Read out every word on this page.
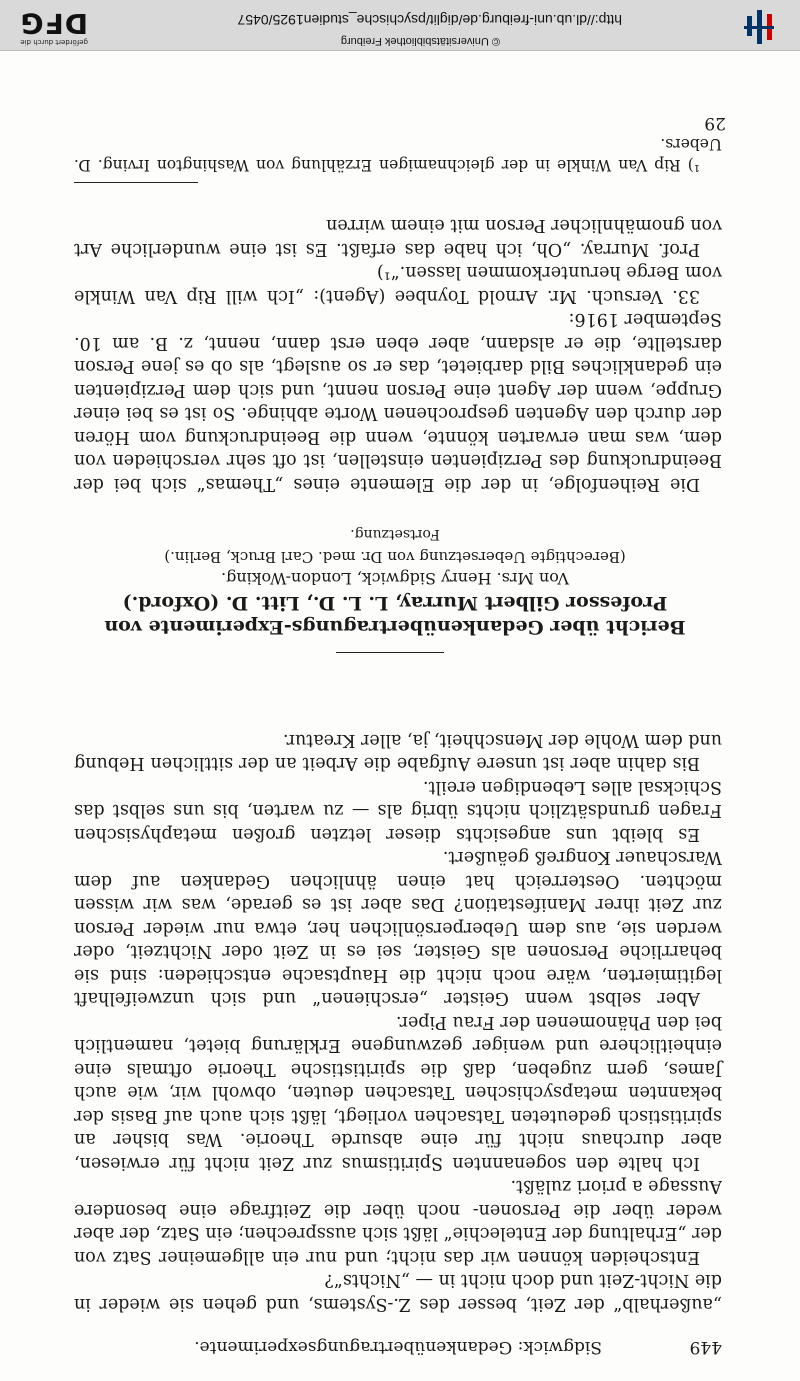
449
Sidgwick: Gedankenübertragungsexperimente.

„außerhalb“ der Zeit, besser des Z.-Systems, und gehen sie wieder in die Nicht-Zeit und doch nicht in — „Nichts“?

Entscheiden können wir das nicht; und nur ein allgemeiner Satz von der „Erhaltung der Entelechie“ läßt sich aussprechen; ein Satz, der aber weder über die Personen- noch über die Zeitfrage eine besondere Aussage a priori zuläßt.

Ich halte den sogenannten Spiritismus zur Zeit nicht für erwiesen, aber durchaus nicht für eine absurde Theorie. Was bisher an spiritistisch gedeuteten Tatsachen vorliegt, läßt sich auch auf Basis der bekannten metapsychischen Tatsachen deuten, obwohl wir, wie auch James, gern zugeben, daß die spiritistische Theorie oftmals eine einheitlichere und weniger gezwungene Erklärung bietet, namentlich bei den Phänomenen der Frau Piper.

Aber selbst wenn Geister „erschienen“ und sich unzweifelhaft legitimierten, wäre noch nicht die Hauptsache entschieden: sind sie beharrliche Personen als Geister, sei es in Zeit oder Nichtzeit, oder werden sie, aus dem Ueberpersönlichen her, etwa nur wieder Person zur Zeit ihrer Manifestation? Das aber ist es gerade, was wir wissen möchten. Oesterreich hat einen ähnlichen Gedanken auf dem Warschauer Kongreß geäußert.

Es bleibt uns angesichts dieser letzten großen metaphysischen Fragen grundsätzlich nichts übrig als — zu warten, bis uns selbst das Schicksal alles Lebendigen ereilt.

Bis dahin aber ist unsere Aufgabe die Arbeit an der sittlichen Hebung und dem Wohle der Menschheit, ja, aller Kreatur.

Bericht über Gedankenübertragungs-Experimente von
Professor Gilbert Murray, L. L. D., Litt. D. (Oxford.)
Von Mrs. Henry Sidgwick, London-Woking.
(Berechtigte Uebersetzung von Dr. med. Carl Bruck, Berlin.)
Fortsetzung.

Die Reihenfolge, in der die Elemente eines „Themas“ sich bei der Beeindruckung des Perzipienten einstellen, ist oft sehr verschieden von dem, was man erwarten könnte, wenn die Beeindruckung vom Hören der durch den Agenten gesprochenen Worte abhinge. So ist es bei einer Gruppe, wenn der Agent eine Person nennt, und sich dem Perzipienten ein gedankliches Bild darbietet, das er so auslegt, als ob es jene Person darstellte, die er alsdann, aber eben erst dann, nennt, z. B. am 10. September 1916:

33. Versuch. Mr. Arnold Toynbee (Agent): „Ich will Rip Van Winkle vom Berge herunterkommen lassen.“¹)

Prof. Murray. „Oh, ich habe das erfaßt. Es ist eine wunderliche Art von gnomähnlicher Person mit einem wirren

¹) Rip Van Winkle in der gleichnamigen Erzählung von Washington Irving. D. Uebers.

29
http://dl.ub.uni-freiburg.de/diglit/psychische_studien1925/0457
© Universitätsbibliothek Freiburg
gefördert durch die
DFG
